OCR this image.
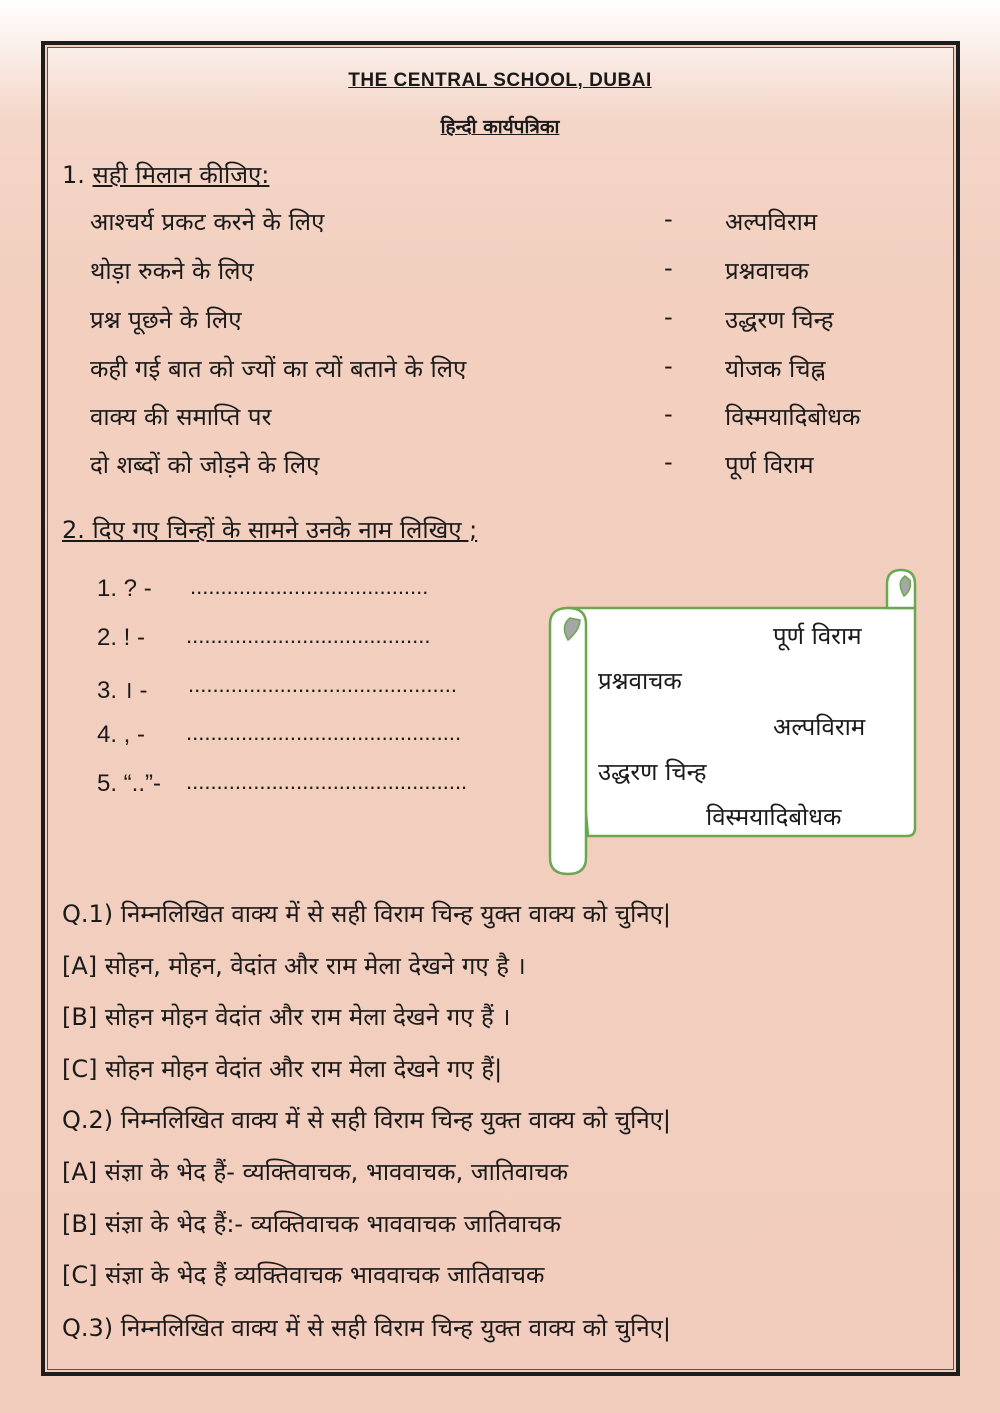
THE CENTRAL SCHOOL, DUBAI
हिन्दी कार्यपत्रिका
1. सही मिलान कीजिए:
आश्चर्य प्रकट करने के लिए	- अल्पविराम
थोड़ा रुकने के लिए	- प्रश्नवाचक
प्रश्न पूछने के लिए	- उद्धरण चिन्ह
कही गई बात को ज्यों का त्यों बताने के लिए	- योजक चिह्न
वाक्य की समाप्ति पर	- विस्मयादिबोधक
दो शब्दों को जोड़ने के लिए	- पूर्ण विराम
2. दिए गए चिन्हों के सामने उनके नाम लिखिए ;
1. ? - .......................................
2. ! - ........................................
3. । - ............................................
4. , - .............................................
5. “..”- ..............................................
पूर्ण विराम
प्रश्नवाचक
अल्पविराम
उद्धरण चिन्ह
विस्मयादिबोधक
Q.1) निम्नलिखित वाक्य में से सही विराम चिन्ह युक्त वाक्य को चुनिए|
[A] सोहन, मोहन, वेदांत और राम मेला देखने गए है ।
[B] सोहन मोहन वेदांत और राम मेला देखने गए हैं ।
[C] सोहन मोहन वेदांत और राम मेला देखने गए हैं|
Q.2) निम्नलिखित वाक्य में से सही विराम चिन्ह युक्त वाक्य को चुनिए|
[A] संज्ञा के भेद हैं- व्यक्तिवाचक, भाववाचक, जातिवाचक
[B] संज्ञा के भेद हैं:- व्यक्तिवाचक भाववाचक जातिवाचक
[C] संज्ञा के भेद हैं व्यक्तिवाचक भाववाचक जातिवाचक
Q.3) निम्नलिखित वाक्य में से सही विराम चिन्ह युक्त वाक्य को चुनिए|
